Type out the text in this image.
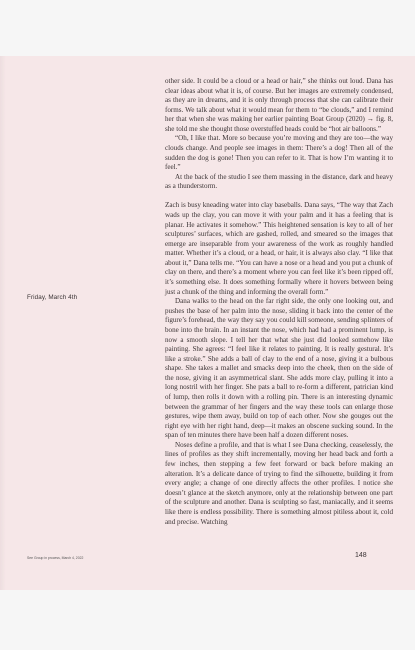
Friday, March 4th

other side. It could be a cloud or a head or hair,” she thinks out loud. Dana has clear ideas about what it is, of course. But her images are extremely condensed, as they are in dreams, and it is only through process that she can calibrate their forms. We talk about what it would mean for them to “be clouds,” and I remind her that when she was making her earlier painting Boat Group (2020) → fig. 8, she told me she thought those overstuffed heads could be “hot air balloons.”

“Oh, I like that. More so because you’re moving and they are too—the way clouds change. And people see images in them: There’s a dog! Then all of the sudden the dog is gone! Then you can refer to it. That is how I’m wanting it to feel.”

At the back of the studio I see them massing in the distance, dark and heavy as a thunderstorm.

Zach is busy kneading water into clay baseballs. Dana says, “The way that Zach wads up the clay, you can move it with your palm and it has a feeling that is planar. He activates it somehow.” This heightened sensation is key to all of her sculptures’ surfaces, which are gashed, rolled, and smeared so the images that emerge are inseparable from your awareness of the work as roughly handled matter. Whether it’s a cloud, or a head, or hair, it is always also clay. “I like that about it,” Dana tells me. “You can have a nose or a head and you put a chunk of clay on there, and there’s a moment where you can feel like it’s been ripped off, it’s something else. It does something formally where it hovers between being just a chunk of the thing and informing the overall form.”

Dana walks to the head on the far right side, the only one looking out, and pushes the base of her palm into the nose, sliding it back into the center of the figure’s forehead, the way they say you could kill someone, sending splinters of bone into the brain. In an instant the nose, which had had a prominent lump, is now a smooth slope. I tell her that what she just did looked somehow like painting. She agrees: “I feel like it relates to painting. It is really gestural. It’s like a stroke.” She adds a ball of clay to the end of a nose, giving it a bulbous shape. She takes a mallet and smacks deep into the cheek, then on the side of the nose, giving it an asymmetrical slant. She adds more clay, pulling it into a long nostril with her finger. She pats a ball to re-form a different, patrician kind of lump, then rolls it down with a rolling pin. There is an interesting dynamic between the grammar of her fingers and the way these tools can enlarge those gestures, wipe them away, build on top of each other. Now she gouges out the right eye with her right hand, deep—it makes an obscene sucking sound. In the span of ten minutes there have been half a dozen different noses.

Noses define a profile, and that is what I see Dana checking, ceaselessly, the lines of profiles as they shift incrementally, moving her head back and forth a few inches, then stepping a few feet forward or back before making an alteration. It’s a delicate dance of trying to find the silhouette, building it from every angle; a change of one directly affects the other profiles. I notice she doesn’t glance at the sketch anymore, only at the relationship between one part of the sculpture and another. Dana is sculpting so fast, maniacally, and it seems like there is endless possibility. There is something almost pitiless about it, cold and precise. Watching

See Group in process, March 4, 2022	148
